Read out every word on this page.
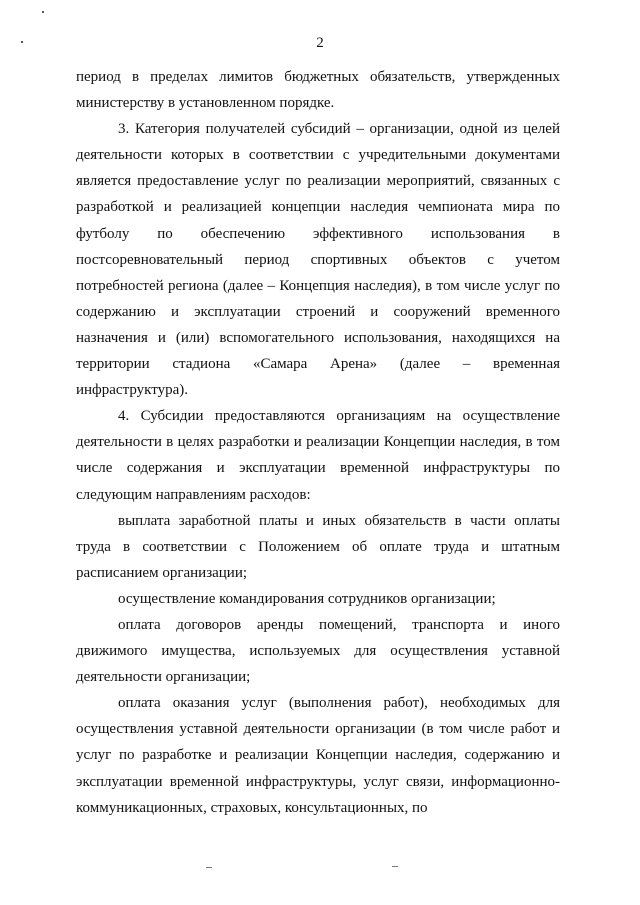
2

период в пределах лимитов бюджетных обязательств, утвержденных министерству в установленном порядке.

3. Категория получателей субсидий – организации, одной из целей деятельности которых в соответствии с учредительными документами является предоставление услуг по реализации мероприятий, связанных с разработкой и реализацией концепции наследия чемпионата мира по футболу по обеспечению эффективного использования в постсоревновательный период спортивных объектов с учетом потребностей региона (далее – Концепция наследия), в том числе услуг по содержанию и эксплуатации строений и сооружений временного назначения и (или) вспомогательного использования, находящихся на территории стадиона «Самара Арена» (далее – временная инфраструктура).

4. Субсидии предоставляются организациям на осуществление деятельности в целях разработки и реализации Концепции наследия, в том числе содержания и эксплуатации временной инфраструктуры по следующим направлениям расходов:

выплата заработной платы и иных обязательств в части оплаты труда в соответствии с Положением об оплате труда и штатным расписанием организации;

осуществление командирования сотрудников организации;

оплата договоров аренды помещений, транспорта и иного движимого имущества, используемых для осуществления уставной деятельности организации;

оплата оказания услуг (выполнения работ), необходимых для осуществления уставной деятельности организации (в том числе работ и услуг по разработке и реализации Концепции наследия, содержанию и эксплуатации временной инфраструктуры, услуг связи, информационно-коммуникационных, страховых, консультационных, по
